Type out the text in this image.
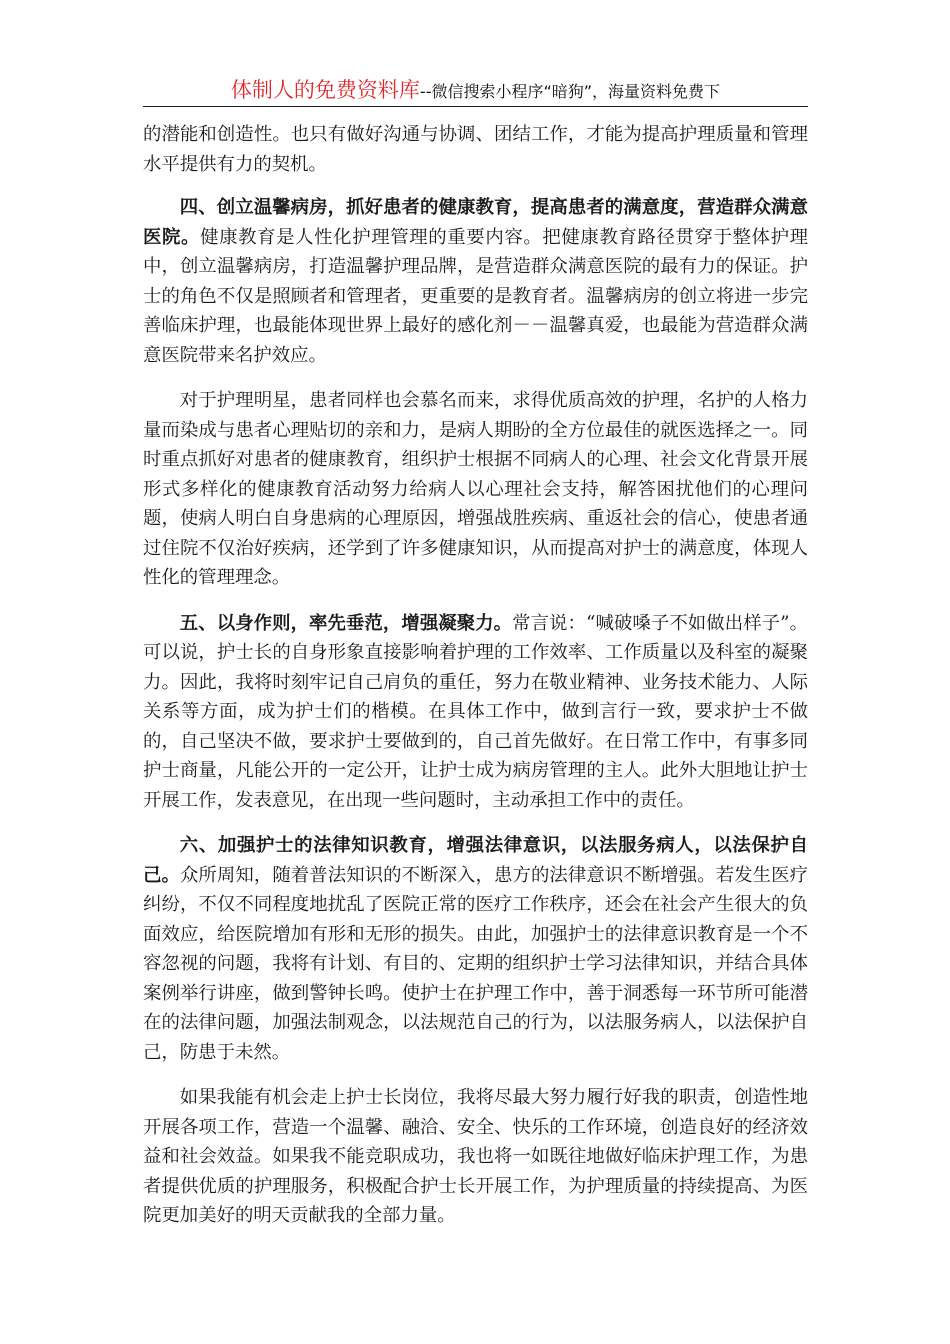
体制人的免费资料库--微信搜索小程序“暗狗”，海量资料免费下

的潜能和创造性。也只有做好沟通与协调、团结工作，才能为提高护理质量和管理水平提供有力的契机。

四、创立温馨病房，抓好患者的健康教育，提高患者的满意度，营造群众满意医院。健康教育是人性化护理管理的重要内容。把健康教育路径贯穿于整体护理中，创立温馨病房，打造温馨护理品牌，是营造群众满意医院的最有力的保证。护士的角色不仅是照顾者和管理者，更重要的是教育者。温馨病房的创立将进一步完善临床护理，也最能体现世界上最好的感化剂－－温馨真爱，也最能为营造群众满意医院带来名护效应。

对于护理明星，患者同样也会慕名而来，求得优质高效的护理，名护的人格力量而染成与患者心理贴切的亲和力，是病人期盼的全方位最佳的就医选择之一。同时重点抓好对患者的健康教育，组织护士根据不同病人的心理、社会文化背景开展形式多样化的健康教育活动努力给病人以心理社会支持，解答困扰他们的心理问题，使病人明白自身患病的心理原因，增强战胜疾病、重返社会的信心，使患者通过住院不仅治好疾病，还学到了许多健康知识，从而提高对护士的满意度，体现人性化的管理理念。

五、以身作则，率先垂范，增强凝聚力。常言说：“喊破嗓子不如做出样子”。可以说，护士长的自身形象直接影响着护理的工作效率、工作质量以及科室的凝聚力。因此，我将时刻牢记自己肩负的重任，努力在敬业精神、业务技术能力、人际关系等方面，成为护士们的楷模。在具体工作中，做到言行一致，要求护士不做的，自己坚决不做，要求护士要做到的，自己首先做好。在日常工作中，有事多同护士商量，凡能公开的一定公开，让护士成为病房管理的主人。此外大胆地让护士开展工作，发表意见，在出现一些问题时，主动承担工作中的责任。

六、加强护士的法律知识教育，增强法律意识，以法服务病人，以法保护自己。众所周知，随着普法知识的不断深入，患方的法律意识不断增强。若发生医疗纠纷，不仅不同程度地扰乱了医院正常的医疗工作秩序，还会在社会产生很大的负面效应，给医院增加有形和无形的损失。由此，加强护士的法律意识教育是一个不容忽视的问题，我将有计划、有目的、定期的组织护士学习法律知识，并结合具体案例举行讲座，做到警钟长鸣。使护士在护理工作中，善于洞悉每一环节所可能潜在的法律问题，加强法制观念，以法规范自己的行为，以法服务病人，以法保护自己，防患于未然。

如果我能有机会走上护士长岗位，我将尽最大努力履行好我的职责，创造性地开展各项工作，营造一个温馨、融洽、安全、快乐的工作环境，创造良好的经济效益和社会效益。如果我不能竞职成功，我也将一如既往地做好临床护理工作，为患者提供优质的护理服务，积极配合护士长开展工作，为护理质量的持续提高、为医院更加美好的明天贡献我的全部力量。
